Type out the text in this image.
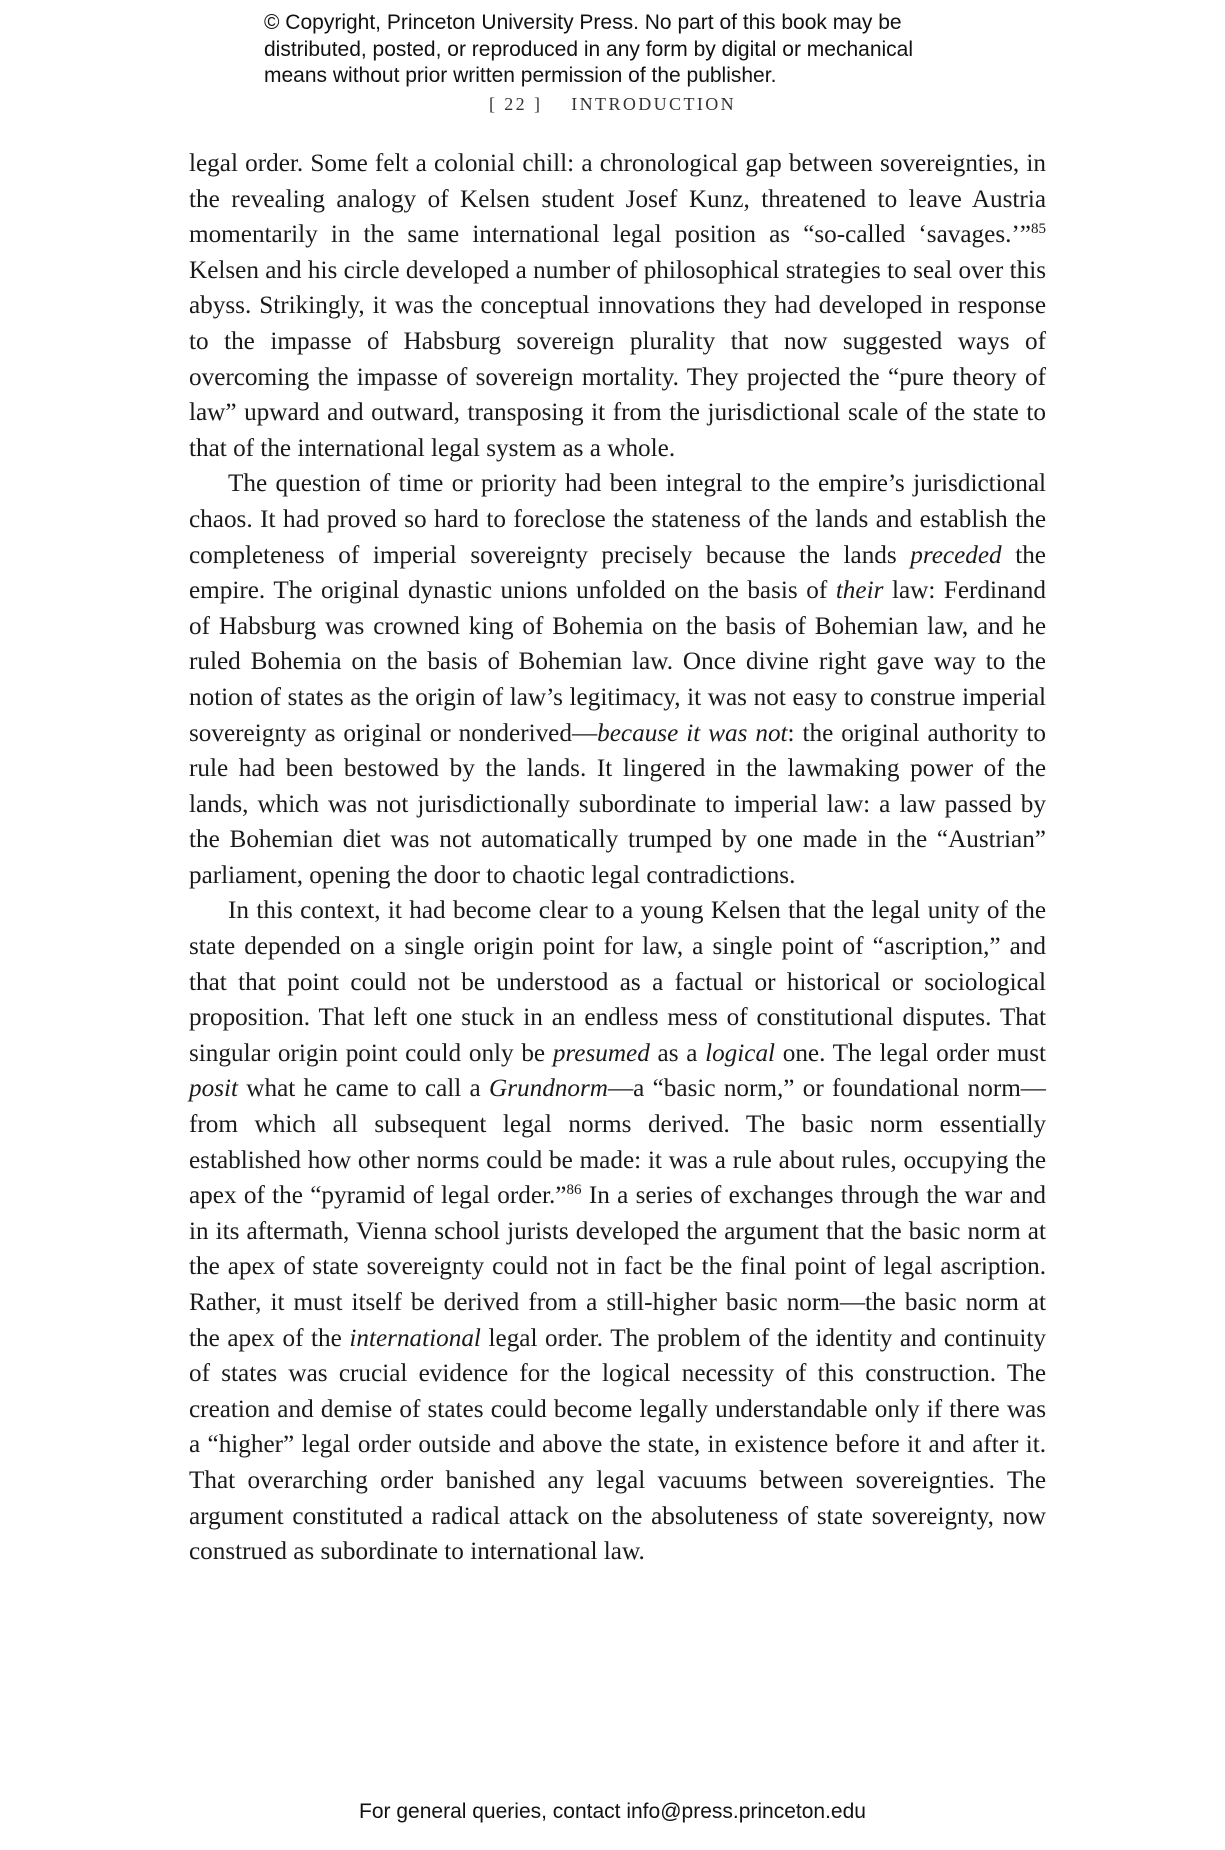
© Copyright, Princeton University Press. No part of this book may be
distributed, posted, or reproduced in any form by digital or mechanical
means without prior written permission of the publisher.
[ 22 ] INTRODUCTION

legal order. Some felt a colonial chill: a chronological gap between sovereignties, in the revealing analogy of Kelsen student Josef Kunz, threatened to leave Austria momentarily in the same international legal position as “so-called ‘savages.’”$^{85}$ Kelsen and his circle developed a number of philosophical strategies to seal over this abyss. Strikingly, it was the conceptual innovations they had developed in response to the impasse of Habsburg sovereign plurality that now suggested ways of overcoming the impasse of sovereign mortality. They projected the “pure theory of law” upward and outward, transposing it from the jurisdictional scale of the state to that of the international legal system as a whole.

The question of time or priority had been integral to the empire’s jurisdictional chaos. It had proved so hard to foreclose the stateness of the lands and establish the completeness of imperial sovereignty precisely because the lands preceded the empire. The original dynastic unions unfolded on the basis of their law: Ferdinand of Habsburg was crowned king of Bohemia on the basis of Bohemian law, and he ruled Bohemia on the basis of Bohemian law. Once divine right gave way to the notion of states as the origin of law’s legitimacy, it was not easy to construe imperial sovereignty as original or nonderived—because it was not: the original authority to rule had been bestowed by the lands. It lingered in the lawmaking power of the lands, which was not jurisdictionally subordinate to imperial law: a law passed by the Bohemian diet was not automatically trumped by one made in the “Austrian” parliament, opening the door to chaotic legal contradictions.

In this context, it had become clear to a young Kelsen that the legal unity of the state depended on a single origin point for law, a single point of “ascription,” and that that point could not be understood as a factual or historical or sociological proposition. That left one stuck in an endless mess of constitutional disputes. That singular origin point could only be presumed as a logical one. The legal order must posit what he came to call a Grundnorm—a “basic norm,” or foundational norm—from which all subsequent legal norms derived. The basic norm essentially established how other norms could be made: it was a rule about rules, occupying the apex of the “pyramid of legal order.”$^{86}$ In a series of exchanges through the war and in its aftermath, Vienna school jurists developed the argument that the basic norm at the apex of state sovereignty could not in fact be the final point of legal ascription. Rather, it must itself be derived from a still-higher basic norm—the basic norm at the apex of the international legal order. The problem of the identity and continuity of states was crucial evidence for the logical necessity of this construction. The creation and demise of states could become legally understandable only if there was a “higher” legal order outside and above the state, in existence before it and after it. That overarching order banished any legal vacuums between sovereignties. The argument constituted a radical attack on the absoluteness of state sovereignty, now construed as subordinate to international law.

For general queries, contact info@press.princeton.edu
